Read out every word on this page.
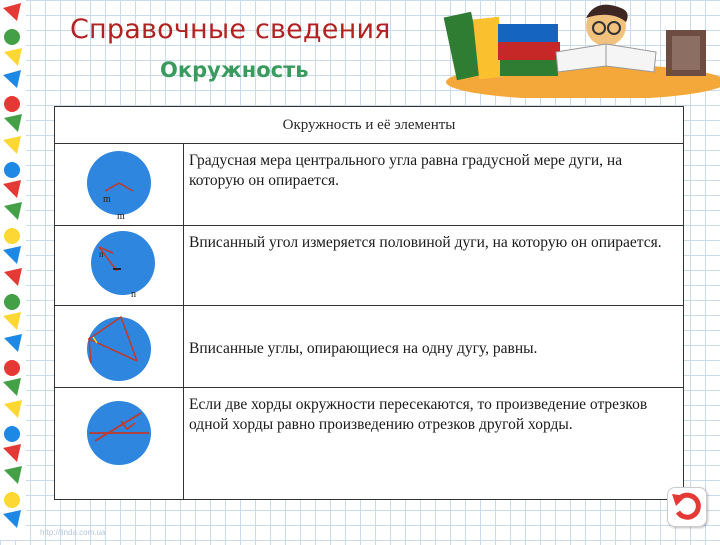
Справочные сведения
Окружность
Окружность и её элементы
Градусная мера центрального угла равна градусной мере дуги, на которую он опирается.
m
m
Вписанный угол измеряется половиной дуги, на которую он опирается.
n
n
Вписанные углы, опирающиеся на одну дугу, равны.
Если две хорды окружности пересекаются, то произведение отрезков одной хорды равно произведению отрезков другой хорды.
http://linda.com.ua
